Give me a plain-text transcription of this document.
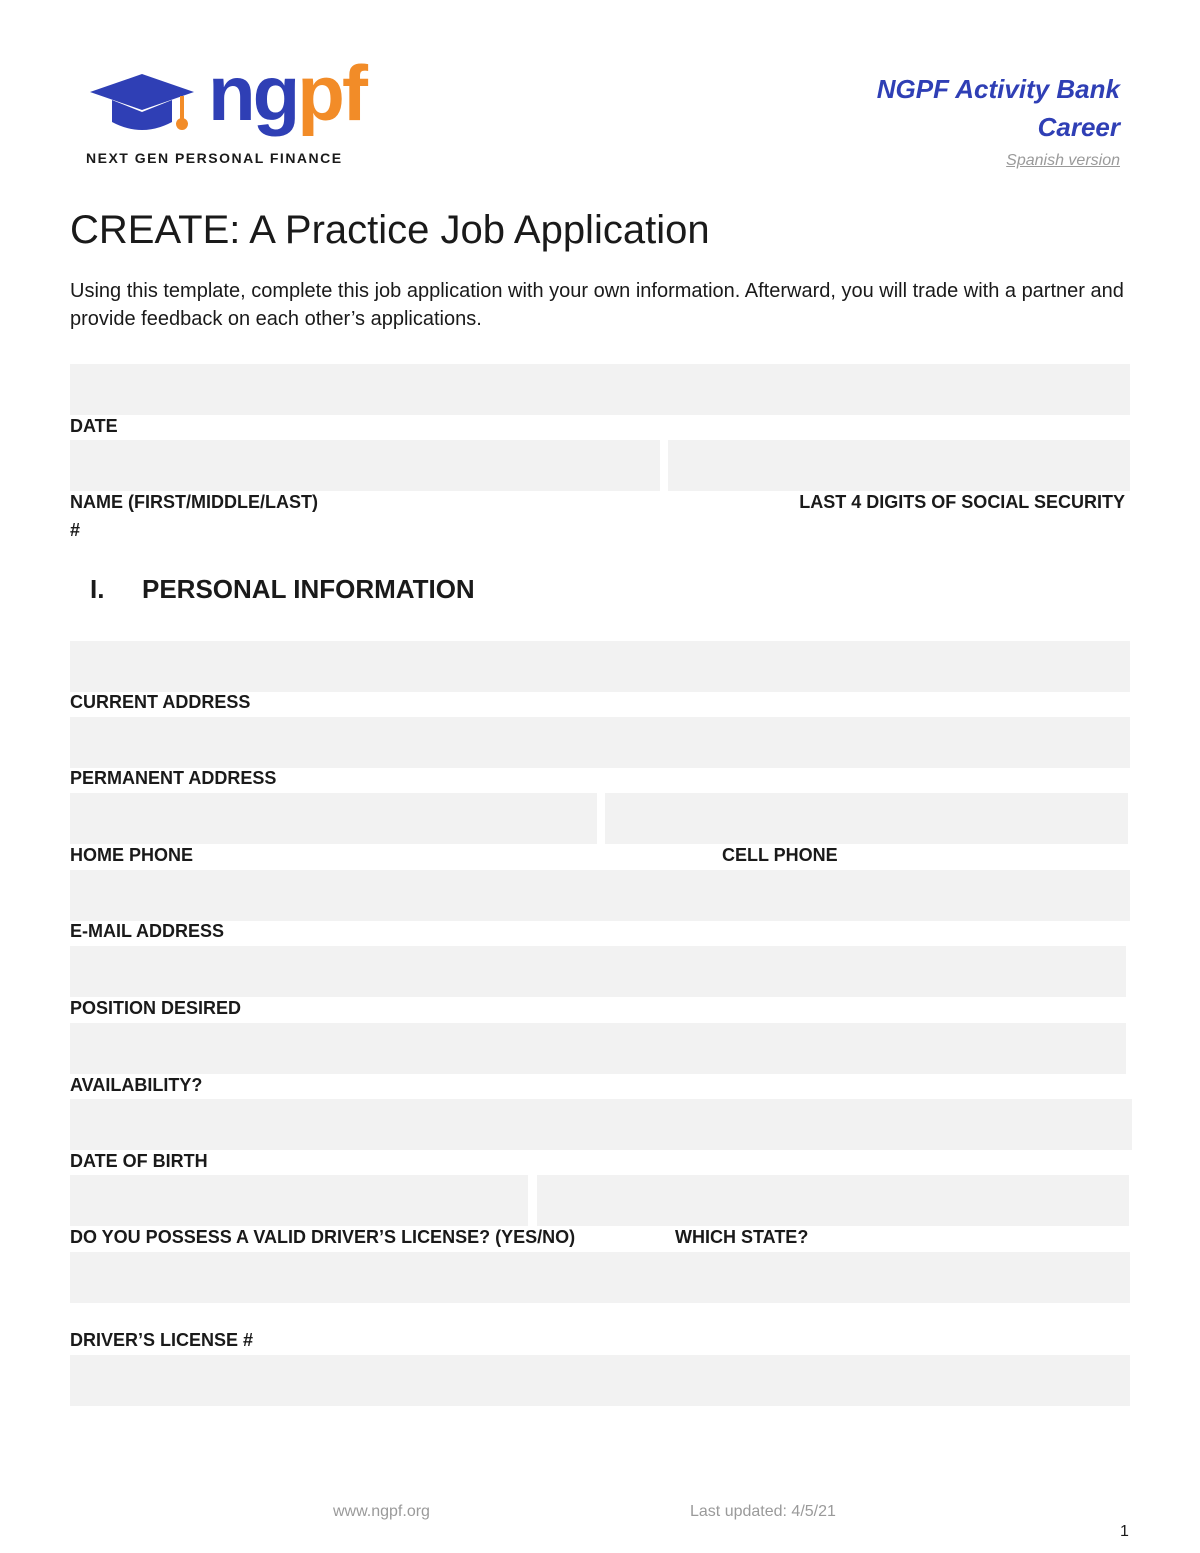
ngpf
NEXT GEN PERSONAL FINANCE
NGPF Activity Bank
Career
Spanish version
CREATE: A Practice Job Application
Using this template, complete this job application with your own information. Afterward, you will trade with a partner and provide feedback on each other’s applications.
DATE
NAME (FIRST/MIDDLE/LAST)	LAST 4 DIGITS OF SOCIAL SECURITY
#
I. PERSONAL INFORMATION
CURRENT ADDRESS
PERMANENT ADDRESS
HOME PHONE	CELL PHONE
E-MAIL ADDRESS
POSITION DESIRED
AVAILABILITY?
DATE OF BIRTH
DO YOU POSSESS A VALID DRIVER’S LICENSE? (YES/NO)	WHICH STATE?
DRIVER’S LICENSE #
www.ngpf.org	Last updated: 4/5/21
1
